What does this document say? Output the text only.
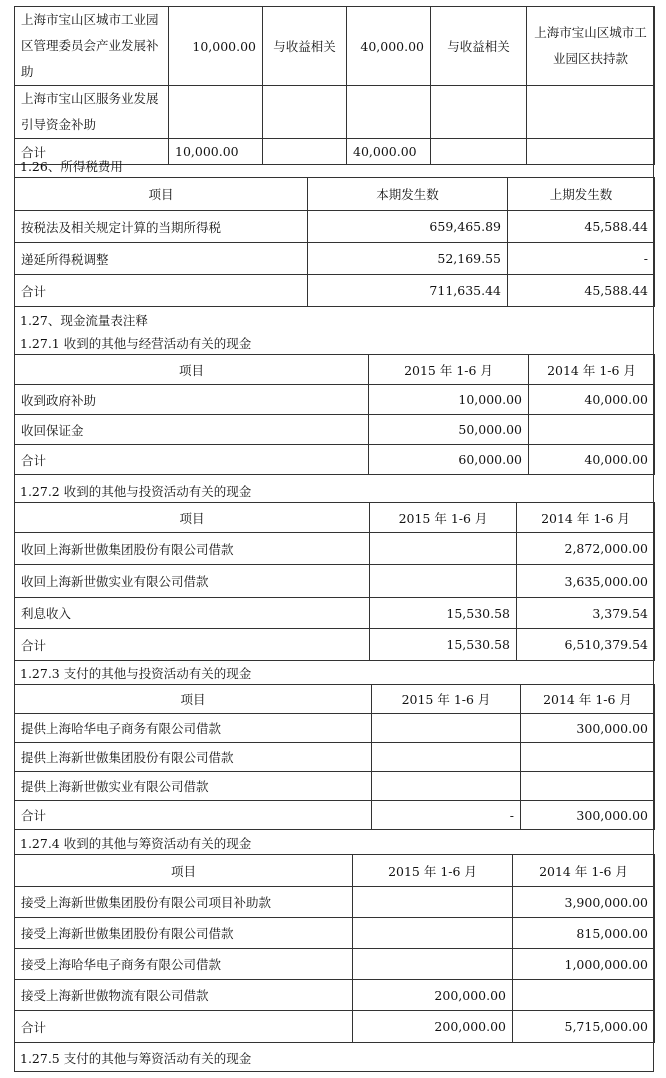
上海市宝山区城市工业园区管理委员会产业发展补助	10,000.00	与收益相关	40,000.00	与收益相关	上海市宝山区城市工业园区扶持款
上海市宝山区服务业发展引导资金补助					
合计	10,000.00		40,000.00		
1.26、所得税费用
项目	本期发生数	上期发生数
按税法及相关规定计算的当期所得税	659,465.89	45,588.44
递延所得税调整	52,169.55	-
合计	711,635.44	45,588.44
1.27、现金流量表注释
1.27.1 收到的其他与经营活动有关的现金
项目	2015 年 1-6 月	2014 年 1-6 月
收到政府补助	10,000.00	40,000.00
收回保证金	50,000.00	
合计	60,000.00	40,000.00
1.27.2 收到的其他与投资活动有关的现金
项目	2015 年 1-6 月	2014 年 1-6 月
收回上海新世傲集团股份有限公司借款		2,872,000.00
收回上海新世傲实业有限公司借款		3,635,000.00
利息收入	15,530.58	3,379.54
合计	15,530.58	6,510,379.54
1.27.3 支付的其他与投资活动有关的现金
项目	2015 年 1-6 月	2014 年 1-6 月
提供上海哈华电子商务有限公司借款		300,000.00
提供上海新世傲集团股份有限公司借款		
提供上海新世傲实业有限公司借款		
合计	-	300,000.00
1.27.4 收到的其他与筹资活动有关的现金
项目	2015 年 1-6 月	2014 年 1-6 月
接受上海新世傲集团股份有限公司项目补助款		3,900,000.00
接受上海新世傲集团股份有限公司借款		815,000.00
接受上海哈华电子商务有限公司借款		1,000,000.00
接受上海新世傲物流有限公司借款	200,000.00	
合计	200,000.00	5,715,000.00
1.27.5 支付的其他与筹资活动有关的现金
